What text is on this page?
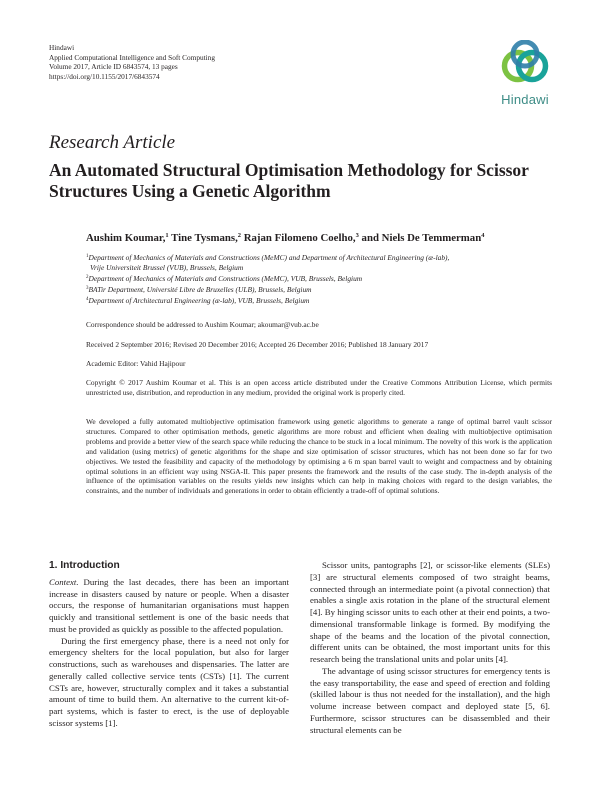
Hindawi
Applied Computational Intelligence and Soft Computing
Volume 2017, Article ID 6843574, 13 pages
https://doi.org/10.1155/2017/6843574
Hindawi
Research Article
An Automated Structural Optimisation Methodology for Scissor Structures Using a Genetic Algorithm
Aushim Koumar,$^1$ Tine Tysmans,$^2$ Rajan Filomeno Coelho,$^3$ and Niels De Temmerman$^4$
$^1$Department of Mechanics of Materials and Constructions (MeMC) and Department of Architectural Engineering (æ-lab),
Vrije Universiteit Brussel (VUB), Brussels, Belgium
$^2$Department of Mechanics of Materials and Constructions (MeMC), VUB, Brussels, Belgium
$^3$BATir Department, Université Libre de Bruxelles (ULB), Brussels, Belgium
$^4$Department of Architectural Engineering (æ-lab), VUB, Brussels, Belgium
Correspondence should be addressed to Aushim Koumar; akoumar@vub.ac.be
Received 2 September 2016; Revised 20 December 2016; Accepted 26 December 2016; Published 18 January 2017
Academic Editor: Vahid Hajipour
Copyright © 2017 Aushim Koumar et al. This is an open access article distributed under the Creative Commons Attribution License, which permits unrestricted use, distribution, and reproduction in any medium, provided the original work is properly cited.
We developed a fully automated multiobjective optimisation framework using genetic algorithms to generate a range of optimal barrel vault scissor structures. Compared to other optimisation methods, genetic algorithms are more robust and efficient when dealing with multiobjective optimisation problems and provide a better view of the search space while reducing the chance to be stuck in a local minimum. The novelty of this work is the application and validation (using metrics) of genetic algorithms for the shape and size optimisation of scissor structures, which has not been done so far for two objectives. We tested the feasibility and capacity of the methodology by optimising a 6 m span barrel vault to weight and compactness and by obtaining optimal solutions in an efficient way using NSGA-II. This paper presents the framework and the results of the case study. The in-depth analysis of the influence of the optimisation variables on the results yields new insights which can help in making choices with regard to the design variables, the constraints, and the number of individuals and generations in order to obtain efficiently a trade-off of optimal solutions.
1. Introduction

Context. During the last decades, there has been an important increase in disasters caused by nature or people. When a disaster occurs, the response of humanitarian organisations must happen quickly and transitional settlement is one of the basic needs that must be provided as quickly as possible to the affected population.

During the first emergency phase, there is a need not only for emergency shelters for the local population, but also for larger constructions, such as warehouses and dispensaries. The latter are generally called collective service tents (CSTs) [1]. The current CSTs are, however, structurally complex and it takes a substantial amount of time to build them. An alternative to the current kit-of-part systems, which is faster to erect, is the use of deployable scissor systems [1].

Scissor units, pantographs [2], or scissor-like elements (SLEs) [3] are structural elements composed of two straight beams, connected through an intermediate point (a pivotal connection) that enables a single axis rotation in the plane of the structural element [4]. By hinging scissor units to each other at their end points, a two-dimensional transformable linkage is formed. By modifying the shape of the beams and the location of the pivotal connection, different units can be obtained, the most important units for this research being the translational units and polar units [4].

The advantage of using scissor structures for emergency tents is the easy transportability, the ease and speed of erection and folding (skilled labour is thus not needed for the installation), and the high volume increase between compact and deployed state [5, 6]. Furthermore, scissor structures can be disassembled and their structural elements can be
